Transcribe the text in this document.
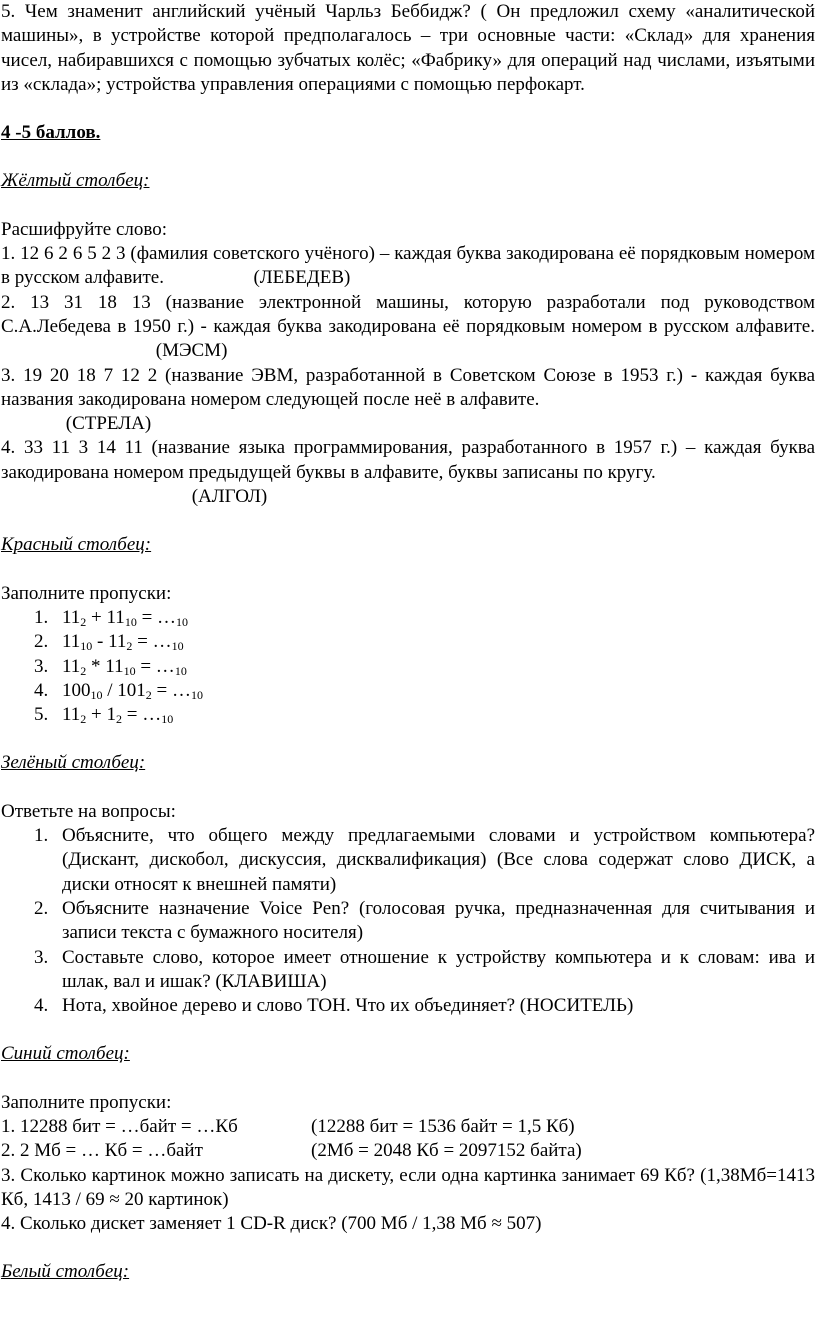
5. Чем знаменит английский учёный Чарльз Беббидж? ( Он предложил схему «аналитической машины», в устройстве которой предполагалось – три основные части: «Склад» для хранения чисел, набиравшихся с помощью зубчатых колёс; «Фабрику» для операций над числами, изъятыми из «склада»; устройства управления операциями с помощью перфокарт.

4 -5 баллов.

Жёлтый столбец:

Расшифруйте слово:

1. 12 6 2 6 5 2 3 (фамилия советского учёного) – каждая буква закодирована её порядковым номером в русском алфавите.	(ЛЕБЕДЕВ)

2. 13 31 18 13 (название электронной машины, которую разработали под руководством С.А.Лебедева в 1950 г.) - каждая буква закодирована её порядковым номером в русском алфавите.  (МЭСМ)

3. 19 20 18 7 12 2 (название ЭВМ, разработанной в Советском Союзе в 1953 г.) - каждая буква названия закодирована номером следующей после неё в алфавите.
(СТРЕЛА)

4. 33 11 3 14 11 (название языка программирования, разработанного в 1957 г.) – каждая буква закодирована номером предыдущей буквы в алфавите, буквы записаны по кругу.
(АЛГОЛ)

Красный столбец:

Заполните пропуски:

1. $11_2 + 11_{10}$ = $\dots_{10}$
2. $11_{10} - 11_2$ = $\dots_{10}$
3. $11_2 * 11_{10}$ = $\dots_{10}$
4. $100_{10} / 101_2$ = $\dots_{10}$
5. $11_2 + 1_2$ = $\dots_{10}$

Зелёный столбец:

Ответьте на вопросы:

1. Объясните, что общего между предлагаемыми словами и устройством компьютера? (Дискант, дискобол, дискуссия, дисквалификация) (Все слова содержат слово ДИСК, а диски относят к внешней памяти)
2. Объясните назначение Voice Pen? (голосовая ручка, предназначенная для считывания и записи текста с бумажного носителя)
3. Составьте слово, которое имеет отношение к устройству компьютера и к словам: ива и шлак, вал и ишак? (КЛАВИША)
4. Нота, хвойное дерево и слово ТОН. Что их объединяет? (НОСИТЕЛЬ)

Синий столбец:

Заполните пропуски:

1. 12288 бит = …байт = …Кб	(12288 бит = 1536 байт = 1,5 Кб)

2. 2 Мб = … Кб = …байт	(2Мб = 2048 Кб = 2097152 байта)

3. Сколько картинок можно записать на дискету, если одна картинка занимает 69 Кб? (1,38Мб=1413 Кб, 1413 / 69 ≈ 20 картинок)

4. Сколько дискет заменяет 1 CD-R диск? (700 Мб / 1,38 Мб ≈ 507)

Белый столбец:
